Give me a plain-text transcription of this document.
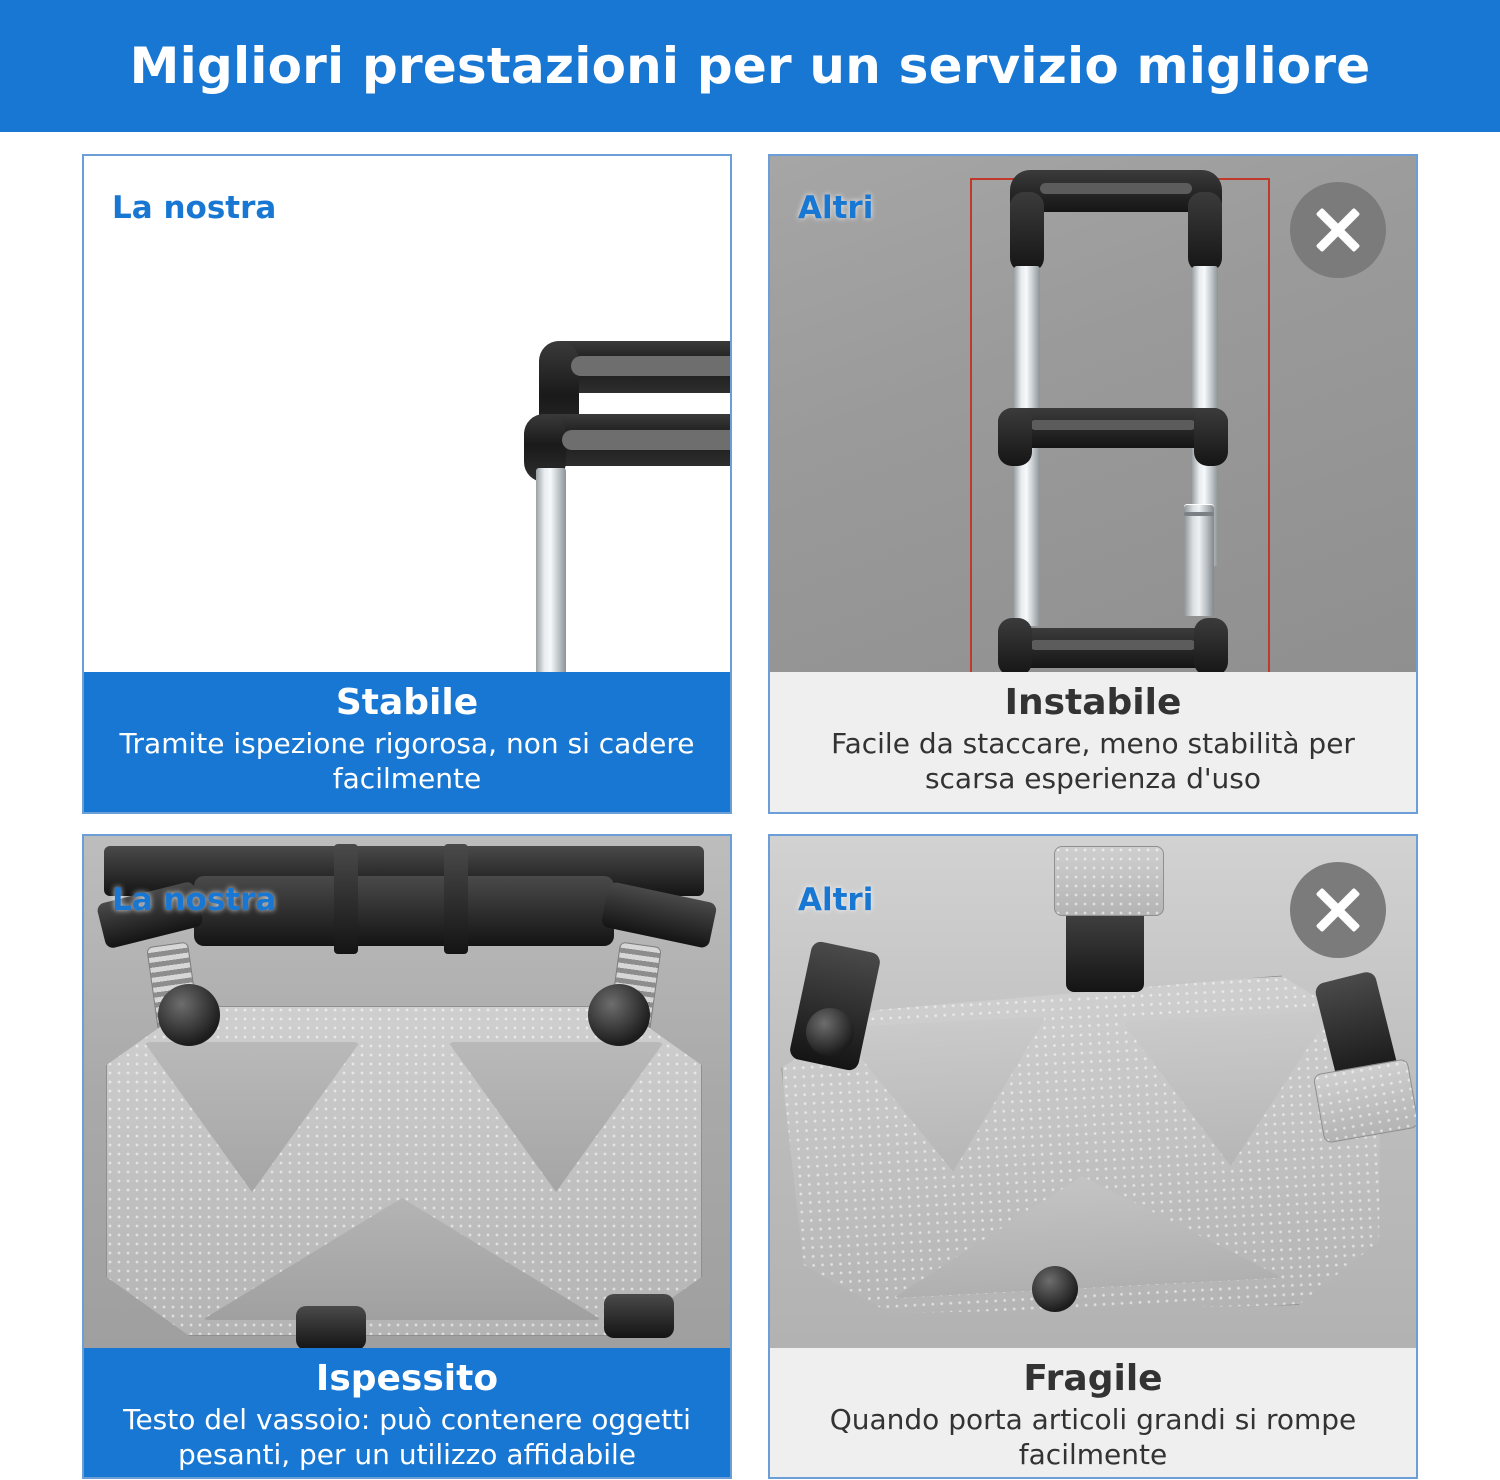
Migliori prestazioni per un servizio migliore
La nostra
Stabile
Tramite ispezione rigorosa, non si cadere facilmente
Altri
Instabile
Facile da staccare, meno stabilità per scarsa esperienza d'uso
La nostra
Ispessito
Testo del vassoio: può contenere oggetti pesanti, per un utilizzo affidabile
Altri
Fragile
Quando porta articoli grandi si rompe facilmente
